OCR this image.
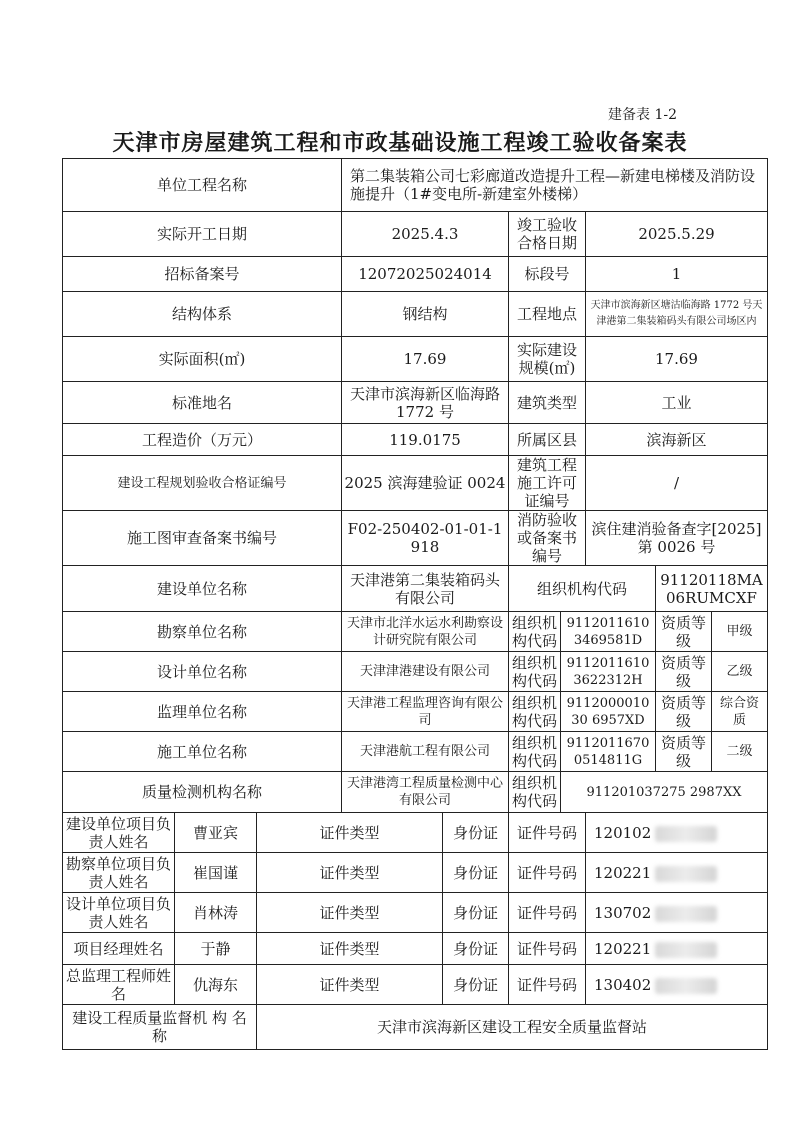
建备表 1-2
天津市房屋建筑工程和市政基础设施工程竣工验收备案表
单位工程名称			第二集装箱公司七彩廊道改造提升工程—新建电梯楼及消防设施提升（1#变电所-新建室外楼梯）						
实际开工日期			2025.4.3		竣工验收合格日期		2025.5.29		
招标备案号			12072025024014		标段号		1		
结构体系			钢结构		工程地点		天津市滨海新区塘沽临海路 1772 号天津港第二集装箱码头有限公司场区内		
实际面积(㎡)			17.69		实际建设规模(㎡)		17.69		
标准地名			天津市滨海新区临海路 1772 号		建筑类型		工业		
工程造价（万元）			119.0175		所属区县		滨海新区		
建设工程规划验收合格证编号			2025 滨海建验证 0024		建筑工程施工许可证编号		/		
施工图审查备案书编号			F02-250402-01-01-1918		消防验收或备案书编号		滨住建消验备查字[2025]第 0026 号		
建设单位名称			天津港第二集装箱码头有限公司		组织机构代码			91120118MA06RUMCXF	
勘察单位名称			天津市北洋水运水利勘察设计研究院有限公司		组织机构代码	91120116103469581D		资质等级	甲级
设计单位名称			天津津港建设有限公司		组织机构代码	91120116103622312H		资质等级	乙级
监理单位名称			天津港工程监理咨询有限公司		组织机构代码	911200001030 6957XD		资质等级	综合资质
施工单位名称			天津港航工程有限公司		组织机构代码	91120116700514811G		资质等级	二级
质量检测机构名称			天津港湾工程质量检测中心有限公司		组织机构代码	911201037275 2987XX			
建设单位项目负责人姓名	曹亚宾	证件类型		身份证	证件号码		120102		
勘察单位项目负责人姓名	崔国谨	证件类型		身份证	证件号码		120221		
设计单位项目负责人姓名	肖林涛	证件类型		身份证	证件号码		130702		
项目经理姓名	于静	证件类型		身份证	证件号码		120221		
总监理工程师姓名	仇海东	证件类型		身份证	证件号码		130402		
建设工程质量监督机 构 名 称		天津市滨海新区建设工程安全质量监督站							
